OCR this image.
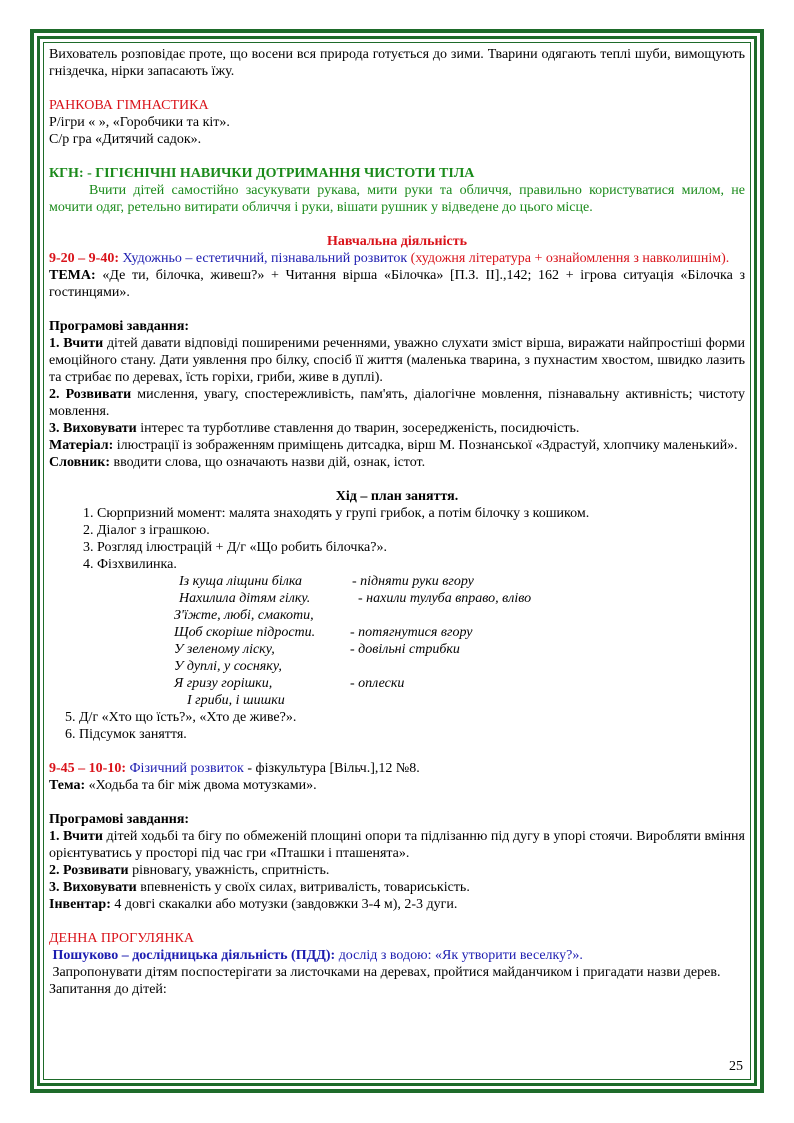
Вихователь розповідає проте, що восени вся природа готується до зими. Тварини одягають теплі шуби, вимощують гніздечка, нірки запасають їжу.

РАНКОВА ГІМНАСТИКА

Р/ігри « », «Горобчики та кіт».

С/р гра «Дитячий садок».

КГН: - ГІГІЄНІЧНІ НАВИЧКИ ДОТРИМАННЯ ЧИСТОТИ ТІЛА

Вчити дітей самостійно засукувати рукава, мити руки та обличчя, правильно користуватися милом, не мочити одяг, ретельно витирати обличчя і руки, вішати рушник у відведене до цього місце.

Навчальна діяльність

9-20 – 9-40: Художньо – естетичний, пізнавальний розвиток (художня література + ознайомлення з навколишнім).

ТЕМА: «Де ти, білочка, живеш?» + Читання вірша «Білочка» [П.З. ІІ].,142; 162 + ігрова ситуація «Білочка з гостинцями».

Програмові завдання:

1. Вчити дітей давати відповіді поширеними реченнями, уважно слухати зміст вірша, виражати найпростіші форми емоційного стану. Дати уявлення про білку, спосіб її життя (маленька тварина, з пухнастим хвостом, швидко лазить та стрибає по деревах, їсть горіхи, гриби, живе в дуплі).

2. Розвивати мислення, увагу, спостережливість, пам'ять, діалогічне мовлення, пізнавальну активність; чистоту мовлення.

3. Виховувати інтерес та турботливе ставлення до тварин, зосередженість, посидючість.

Матеріал: ілюстрації із зображенням приміщень дитсадка, вірш М. Познанської «Здрастуй, хлопчику маленький».

Словник: вводити слова, що означають назви дій, ознак, істот.

Хід – план заняття.

1. Сюрпризний момент: малята знаходять у групі грибок, а потім білочку з кошиком.
2. Діалог з іграшкою.
3. Розгляд ілюстрацій + Д/г «Що робить білочка?».
4. Фізхвилинка.
Із куща ліщини білка	- підняти руки вгору
Нахилила дітям гілку.	- нахили тулуба вправо, вліво
З'їжте, любі, смакоти,
Щоб скоріше підрости. - потягнутися вгору
У зеленому ліску,	- довільні стрибки
У дуплі, у сосняку,
Я гризу горішки,	- оплески
І гриби, і шишки

5. Д/г «Хто що їсть?», «Хто де живе?».

6. Підсумок заняття.

9-45 – 10-10: Фізичний розвиток - фізкультура [Вільч.],12 №8.

Тема: «Ходьба та біг між двома мотузками».

Програмові завдання:

1. Вчити дітей ходьбі та бігу по обмеженій площині опори та підлізанню під дугу в упорі стоячи. Виробляти вміння орієнтуватись у просторі під час гри «Пташки і пташенята».

2. Розвивати рівновагу, уважність, спритність.

3. Виховувати впевненість у своїх силах, витривалість, товариськість.

Інвентар: 4 довгі скакалки або мотузки (завдовжки 3-4 м), 2-3 дуги.

ДЕННА ПРОГУЛЯНКА

Пошуково – дослідницька діяльність (ПДД): дослід з водою: «Як утворити веселку?».

Запропонувати дітям поспостерігати за листочками на деревах, пройтися майданчиком і пригадати назви дерев.

Запитання до дітей:

25
